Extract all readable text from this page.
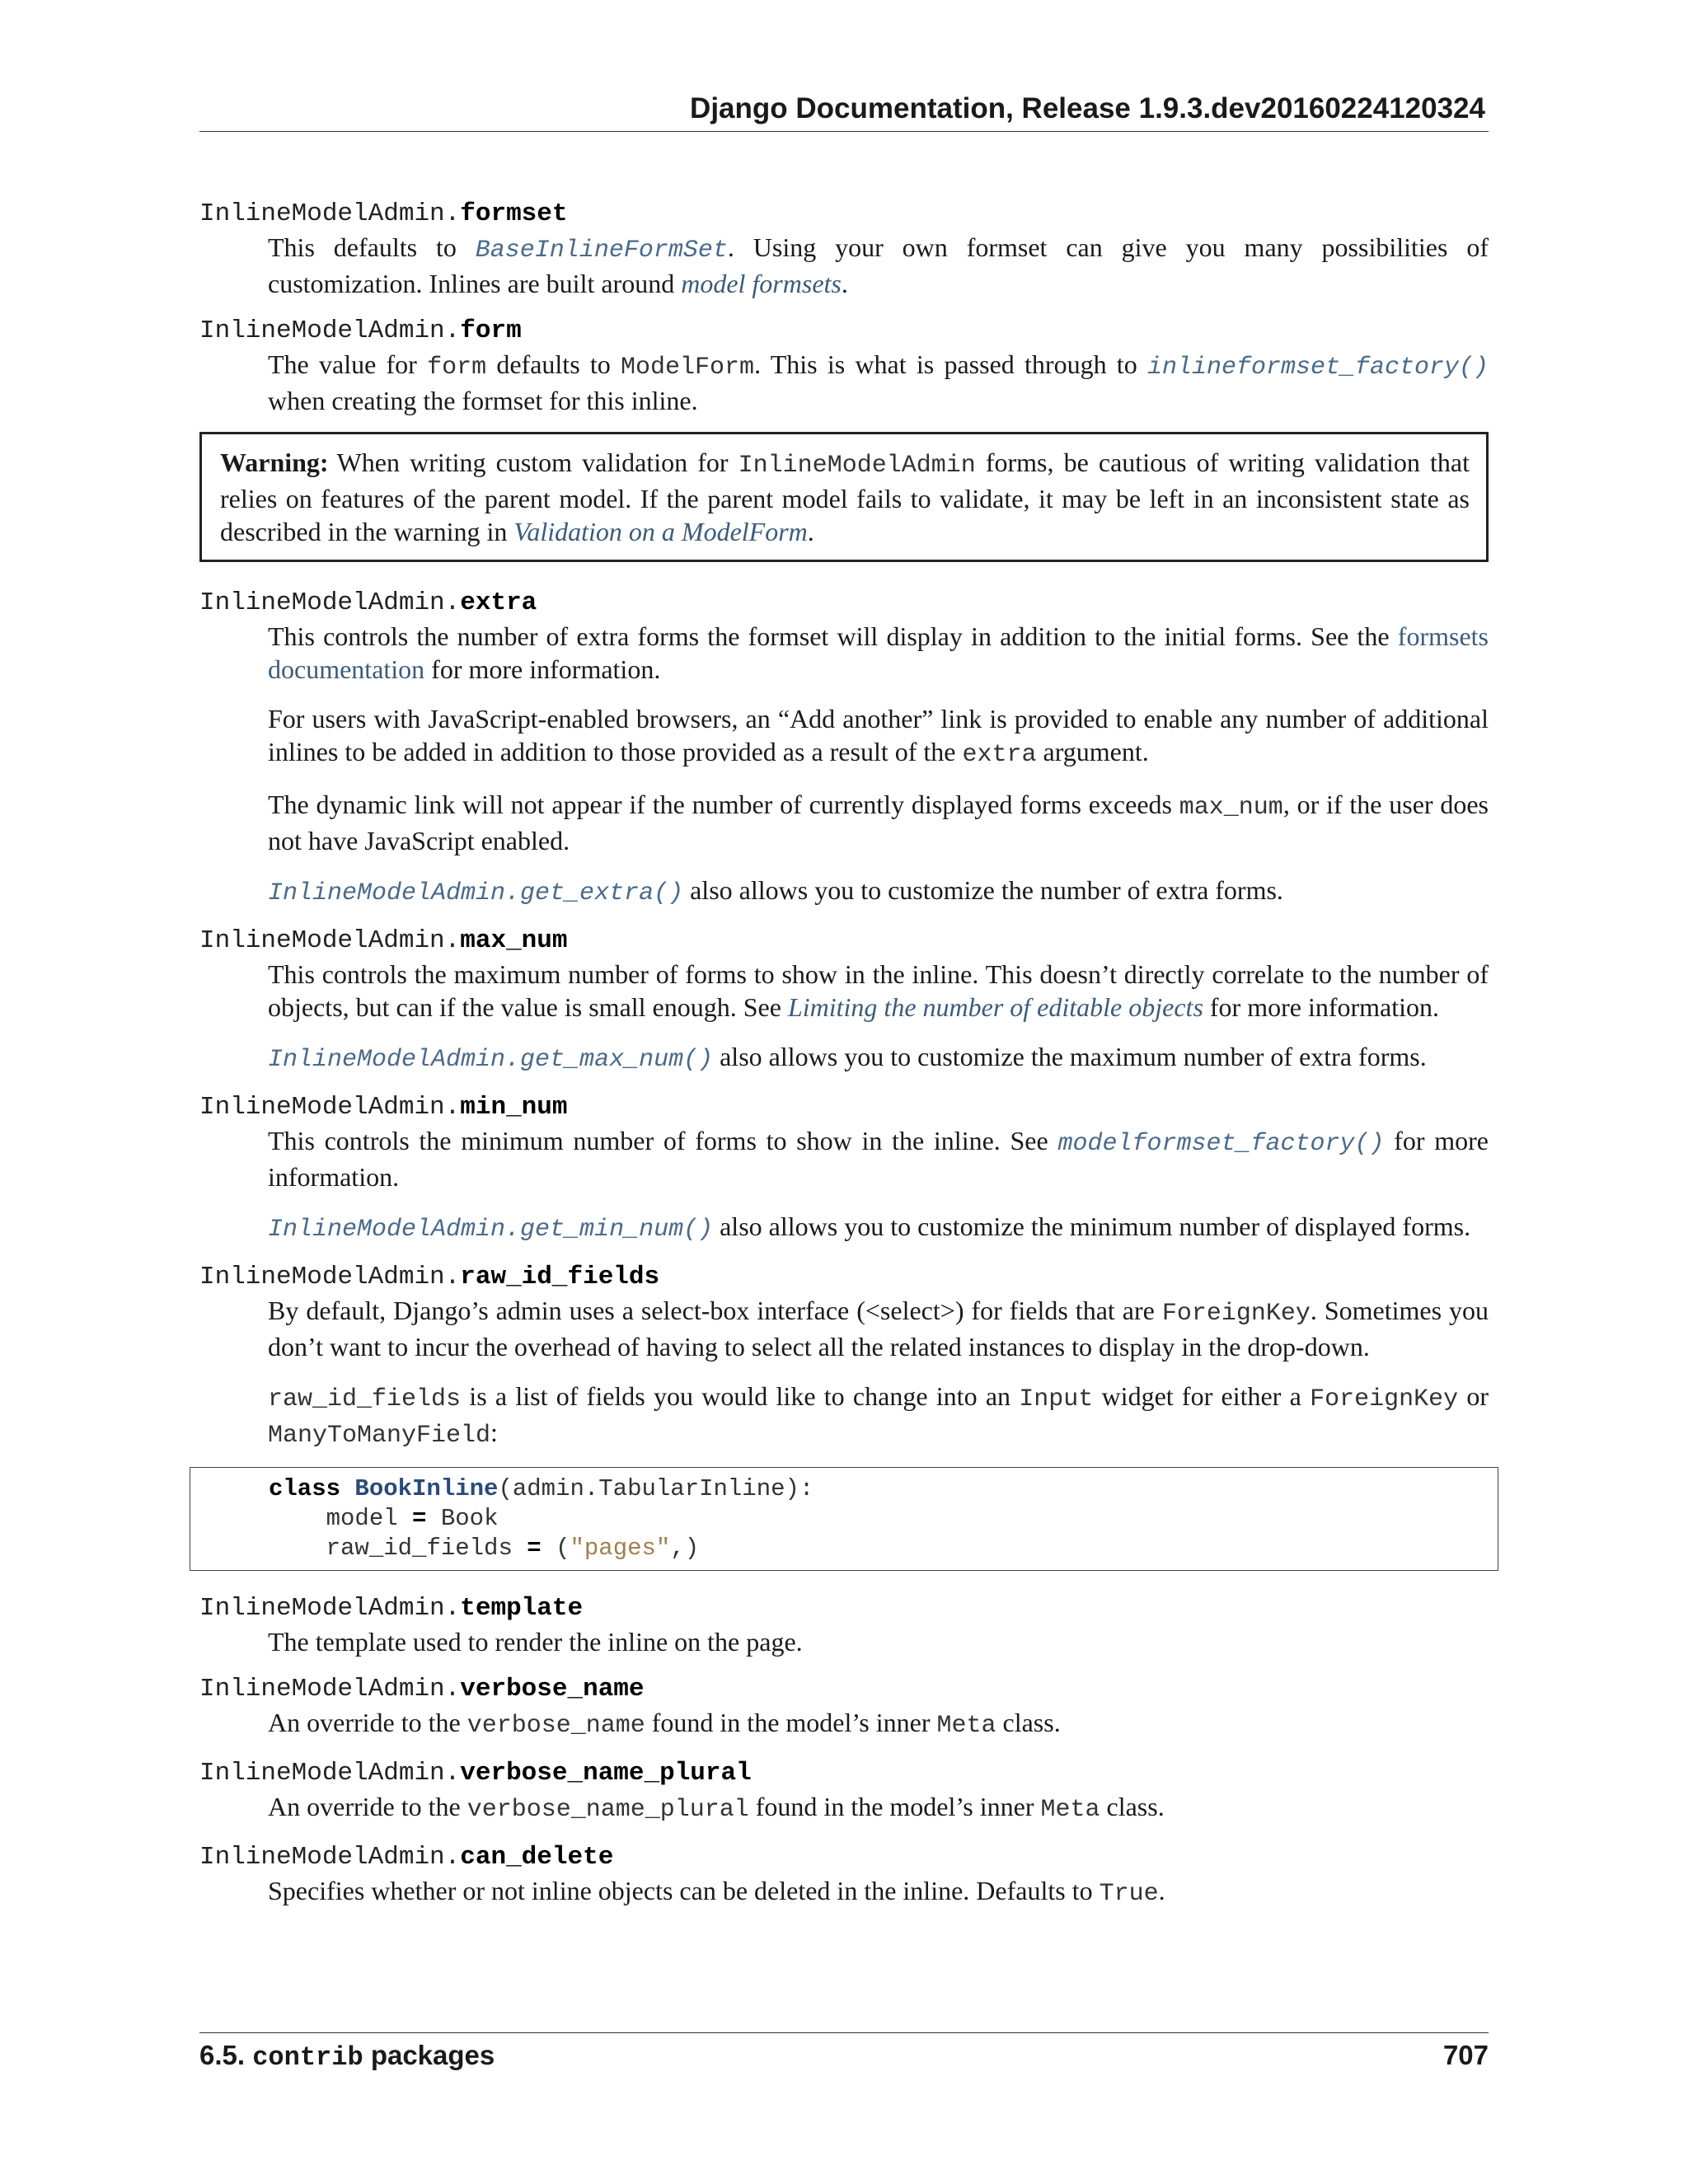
Django Documentation, Release 1.9.3.dev20160224120324
InlineModelAdmin.formset

This defaults to BaseInlineFormSet. Using your own formset can give you many possibilities of customization. Inlines are built around model formsets.

InlineModelAdmin.form

The value for form defaults to ModelForm. This is what is passed through to inlineformset_factory() when creating the formset for this inline.

Warning: When writing custom validation for InlineModelAdmin forms, be cautious of writing validation that relies on features of the parent model. If the parent model fails to validate, it may be left in an inconsistent state as described in the warning in Validation on a ModelForm.
InlineModelAdmin.extra

This controls the number of extra forms the formset will display in addition to the initial forms. See the formsets documentation for more information.

For users with JavaScript-enabled browsers, an “Add another” link is provided to enable any number of additional inlines to be added in addition to those provided as a result of the extra argument.

The dynamic link will not appear if the number of currently displayed forms exceeds max_num, or if the user does not have JavaScript enabled.

InlineModelAdmin.get_extra() also allows you to customize the number of extra forms.

InlineModelAdmin.max_num

This controls the maximum number of forms to show in the inline. This doesn’t directly correlate to the number of objects, but can if the value is small enough. See Limiting the number of editable objects for more information.

InlineModelAdmin.get_max_num() also allows you to customize the maximum number of extra forms.

InlineModelAdmin.min_num

This controls the minimum number of forms to show in the inline. See modelformset_factory() for more information.

InlineModelAdmin.get_min_num() also allows you to customize the minimum number of displayed forms.

InlineModelAdmin.raw_id_fields

By default, Django’s admin uses a select-box interface (<select>) for fields that are ForeignKey. Sometimes you don’t want to incur the overhead of having to select all the related instances to display in the drop-down.

raw_id_fields is a list of fields you would like to change into an Input widget for either a ForeignKey or ManyToManyField:

class BookInline(admin.TabularInline):
model = Book
raw_id_fields = ("pages",)
InlineModelAdmin.template

The template used to render the inline on the page.

InlineModelAdmin.verbose_name

An override to the verbose_name found in the model’s inner Meta class.

InlineModelAdmin.verbose_name_plural

An override to the verbose_name_plural found in the model’s inner Meta class.

InlineModelAdmin.can_delete

Specifies whether or not inline objects can be deleted in the inline. Defaults to True.

6.5. contrib packages	707
